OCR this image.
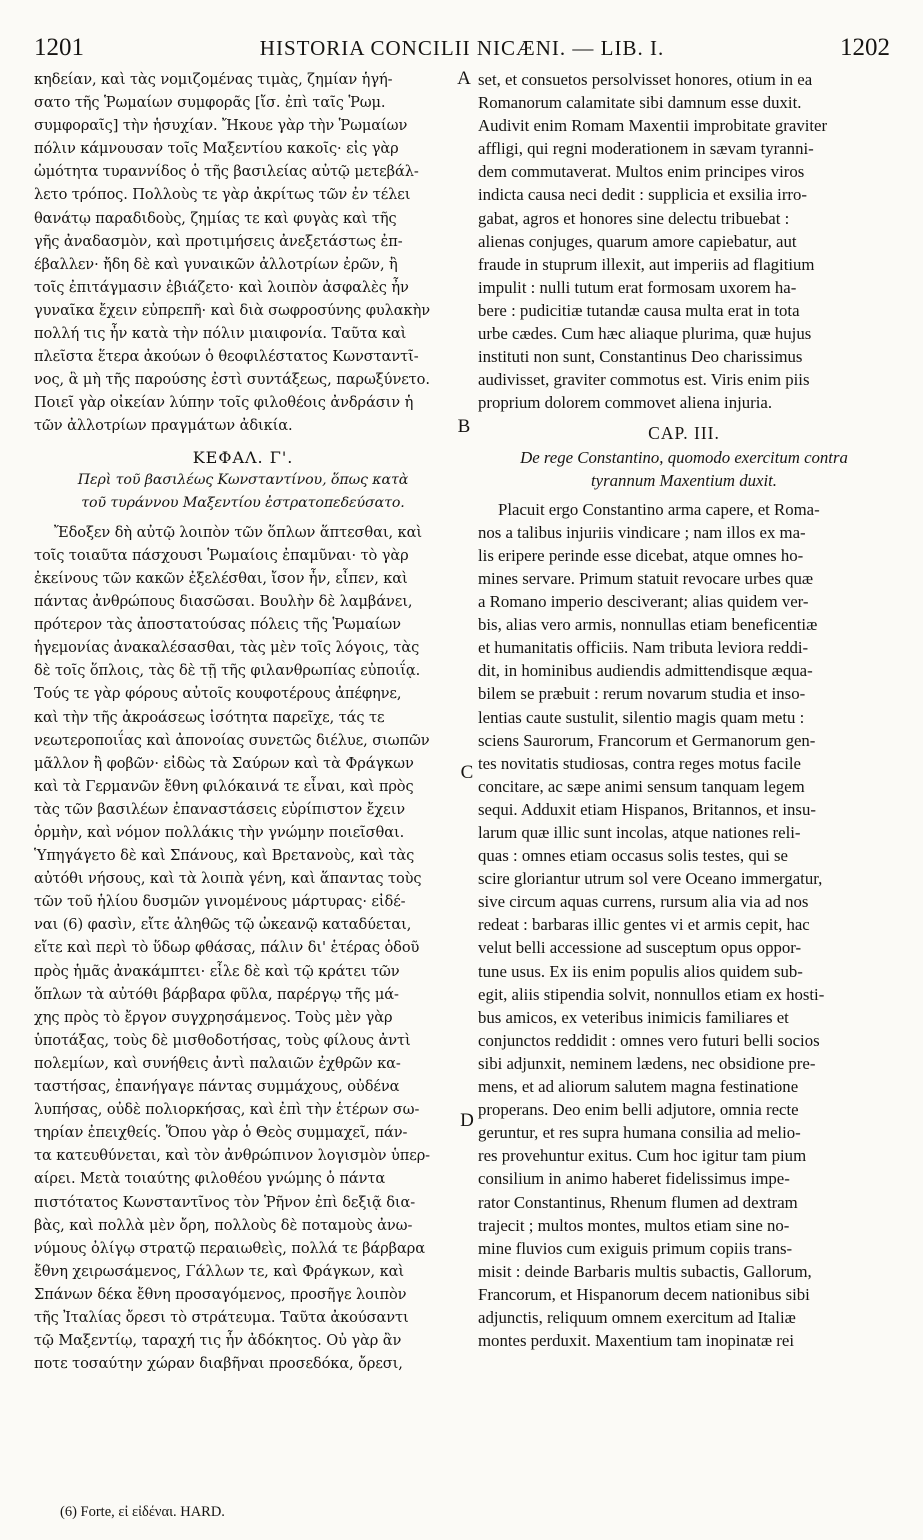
1201	HISTORIA CONCILII NICÆNI. — LIB. I.	1202
κηδείαν, καὶ τὰς νομιζομένας τιμὰς, ζημίαν ἡγή-
σατο τῆς Ῥωμαίων συμφορᾶς [ἴσ. ἐπὶ ταῖς Ῥωμ.
συμφοραῖς] τὴν ἡσυχίαν. Ἤκουε γὰρ τὴν Ῥωμαίων
πόλιν κάμνουσαν τοῖς Μαξεντίου κακοῖς· εἰς γὰρ
ὠμότητα τυραννίδος ὁ τῆς βασιλείας αὐτῷ μετεβάλ-
λετο τρόπος. Πολλοὺς τε γὰρ ἀκρίτως τῶν ἐν τέλει
θανάτῳ παραδιδοὺς, ζημίας τε καὶ φυγὰς καὶ τῆς
γῆς ἀναδασμὸν, καὶ προτιμήσεις ἀνεξετάστως ἐπ-
έβαλλεν· ἤδη δὲ καὶ γυναικῶν ἀλλοτρίων ἐρῶν, ἢ
τοῖς ἐπιτάγμασιν ἐβιάζετο· καὶ λοιπὸν ἀσφαλὲς ἦν
γυναῖκα ἔχειν εὐπρεπῆ· καὶ διὰ σωφροσύνης φυλακὴν
πολλή τις ἦν κατὰ τὴν πόλιν μιαιφονία. Ταῦτα καὶ
πλεῖστα ἕτερα ἀκούων ὁ θεοφιλέστατος Κωνσταντῖ-
νος, ἃ μὴ τῆς παρούσης ἐστὶ συντάξεως, παρωξύνετο.
Ποιεῖ γὰρ οἰκείαν λύπην τοῖς φιλοθέοις ἀνδράσιν ἡ
τῶν ἀλλοτρίων πραγμάτων ἀδικία.
ΚΕΦΑΛ. Γ'.
Περὶ τοῦ βασιλέως Κωνσταντίνου, ὅπως κατὰ
τοῦ τυράννου Μαξεντίου ἐστρατοπεδεύσατο.
Ἔδοξεν δὴ αὐτῷ λοιπὸν τῶν ὅπλων ἅπτεσθαι, καὶ
τοῖς τοιαῦτα πάσχουσι Ῥωμαίοις ἐπαμῦναι· τὸ γὰρ
ἐκείνους τῶν κακῶν ἐξελέσθαι, ἴσον ἦν, εἶπεν, καὶ
πάντας ἀνθρώπους διασῶσαι. Βουλὴν δὲ λαμβάνει,
πρότερον τὰς ἀποστατούσας πόλεις τῆς Ῥωμαίων
ἡγεμονίας ἀνακαλέσασθαι, τὰς μὲν τοῖς λόγοις, τὰς
δὲ τοῖς ὅπλοις, τὰς δὲ τῇ τῆς φιλανθρωπίας εὐποιΐᾳ.
Τούς τε γὰρ φόρους αὐτοῖς κουφοτέρους ἀπέφηνε,
καὶ τὴν τῆς ἀκροάσεως ἰσότητα παρεῖχε, τάς τε
νεωτεροποιΐας καὶ ἀπονοίας συνετῶς διέλυε, σιωπῶν
μᾶλλον ἢ φοβῶν· εἰδὼς τὰ Σαύρων καὶ τὰ Φράγκων
καὶ τὰ Γερμανῶν ἔθνη φιλόκαινά τε εἶναι, καὶ πρὸς
τὰς τῶν βασιλέων ἐπαναστάσεις εὐρίπιστον ἔχειν
ὁρμὴν, καὶ νόμον πολλάκις τὴν γνώμην ποιεῖσθαι.
Ὑπηγάγετο δὲ καὶ Σπάνους, καὶ Βρετανοὺς, καὶ τὰς
αὐτόθι νήσους, καὶ τὰ λοιπὰ γένη, καὶ ἅπαντας τοὺς
τῶν τοῦ ἡλίου δυσμῶν γινομένους μάρτυρας· εἰδέ-
ναι (6) φασὶν, εἴτε ἀληθῶς τῷ ὠκεανῷ καταδύεται,
εἴτε καὶ περὶ τὸ ὕδωρ φθάσας, πάλιν δι' ἑτέρας ὁδοῦ
πρὸς ἡμᾶς ἀνακάμπτει· εἷλε δὲ καὶ τῷ κράτει τῶν
ὅπλων τὰ αὐτόθι βάρβαρα φῦλα, παρέργῳ τῆς μά-
χης πρὸς τὸ ἔργον συγχρησάμενος. Τοὺς μὲν γὰρ
ὑποτάξας, τοὺς δὲ μισθοδοτήσας, τοὺς φίλους ἀντὶ
πολεμίων, καὶ συνήθεις ἀντὶ παλαιῶν ἐχθρῶν κα-
ταστήσας, ἐπανήγαγε πάντας συμμάχους, οὐδένα
λυπήσας, οὐδὲ πολιορκήσας, καὶ ἐπὶ τὴν ἑτέρων σω-
τηρίαν ἐπειχθείς. Ὅπου γὰρ ὁ Θεὸς συμμαχεῖ, πάν-
τα κατευθύνεται, καὶ τὸν ἀνθρώπινον λογισμὸν ὑπερ-
αίρει. Μετὰ τοιαύτης φιλοθέου γνώμης ὁ πάντα
πιστότατος Κωνσταντῖνος τὸν Ῥῆνον ἐπὶ δεξιᾷ δια-
βὰς, καὶ πολλὰ μὲν ὄρη, πολλοὺς δὲ ποταμοὺς ἀνω-
νύμους ὀλίγῳ στρατῷ περαιωθεὶς, πολλά τε βάρβαρα
ἔθνη χειρωσάμενος, Γάλλων τε, καὶ Φράγκων, καὶ
Σπάνων δέκα ἔθνη προσαγόμενος, προσῆγε λοιπὸν
τῆς Ἰταλίας ὄρεσι τὸ στράτευμα. Ταῦτα ἀκούσαντι
τῷ Μαξεντίῳ, ταραχή τις ἦν ἀδόκητος. Οὐ γὰρ ἂν
ποτε τοσαύτην χώραν διαβῆναι προσεδόκα, ὄρεσι,
set, et consuetos persolvisset honores, otium in ea
Romanorum calamitate sibi damnum esse duxit.
Audivit enim Romam Maxentii improbitate graviter
affligi, qui regni moderationem in sævam tyranni-
dem commutaverat. Multos enim principes viros
indicta causa neci dedit : supplicia et exsilia irro-
gabat, agros et honores sine delectu tribuebat :
alienas conjuges, quarum amore capiebatur, aut
fraude in stuprum illexit, aut imperiis ad flagitium
impulit : nulli tutum erat formosam uxorem ha-
bere : pudicitiæ tutandæ causa multa erat in tota
urbe cædes. Cum hæc aliaque plurima, quæ hujus
instituti non sunt, Constantinus Deo charissimus
audivisset, graviter commotus est. Viris enim piis
proprium dolorem commovet aliena injuria.
CAP. III.
De rege Constantino, quomodo exercitum contra
tyrannum Maxentium duxit.
Placuit ergo Constantino arma capere, et Roma-
nos a talibus injuriis vindicare ; nam illos ex ma-
lis eripere perinde esse dicebat, atque omnes ho-
mines servare. Primum statuit revocare urbes quæ
a Romano imperio desciverant; alias quidem ver-
bis, alias vero armis, nonnullas etiam beneficentiæ
et humanitatis officiis. Nam tributa leviora reddi-
dit, in hominibus audiendis admittendisque æqua-
bilem se præbuit : rerum novarum studia et inso-
lentias caute sustulit, silentio magis quam metu :
sciens Saurorum, Francorum et Germanorum gen-
tes novitatis studiosas, contra reges motus facile
concitare, ac sæpe animi sensum tanquam legem
sequi. Adduxit etiam Hispanos, Britannos, et insu-
larum quæ illic sunt incolas, atque nationes reli-
quas : omnes etiam occasus solis testes, qui se
scire gloriantur utrum sol vere Oceano immergatur,
sive circum aquas currens, rursum alia via ad nos
redeat : barbaras illic gentes vi et armis cepit, hac
velut belli accessione ad susceptum opus oppor-
tune usus. Ex iis enim populis alios quidem sub-
egit, aliis stipendia solvit, nonnullos etiam ex hosti-
bus amicos, ex veteribus inimicis familiares et
conjunctos reddidit : omnes vero futuri belli socios
sibi adjunxit, neminem lædens, nec obsidione pre-
mens, et ad aliorum salutem magna festinatione
properans. Deo enim belli adjutore, omnia recte
geruntur, et res supra humana consilia ad melio-
res provehuntur exitus. Cum hoc igitur tam pium
consilium in animo haberet fidelissimus impe-
rator Constantinus, Rhenum flumen ad dextram
trajecit ; multos montes, multos etiam sine no-
mine fluvios cum exiguis primum copiis trans-
misit : deinde Barbaris multis subactis, Gallorum,
Francorum, et Hispanorum decem nationibus sibi
adjunctis, reliquum omnem exercitum ad Italiæ
montes perduxit. Maxentium tam inopinatæ rei
A
B
C
D
(6) Forte, εἰ εἰδέναι. HARD.
